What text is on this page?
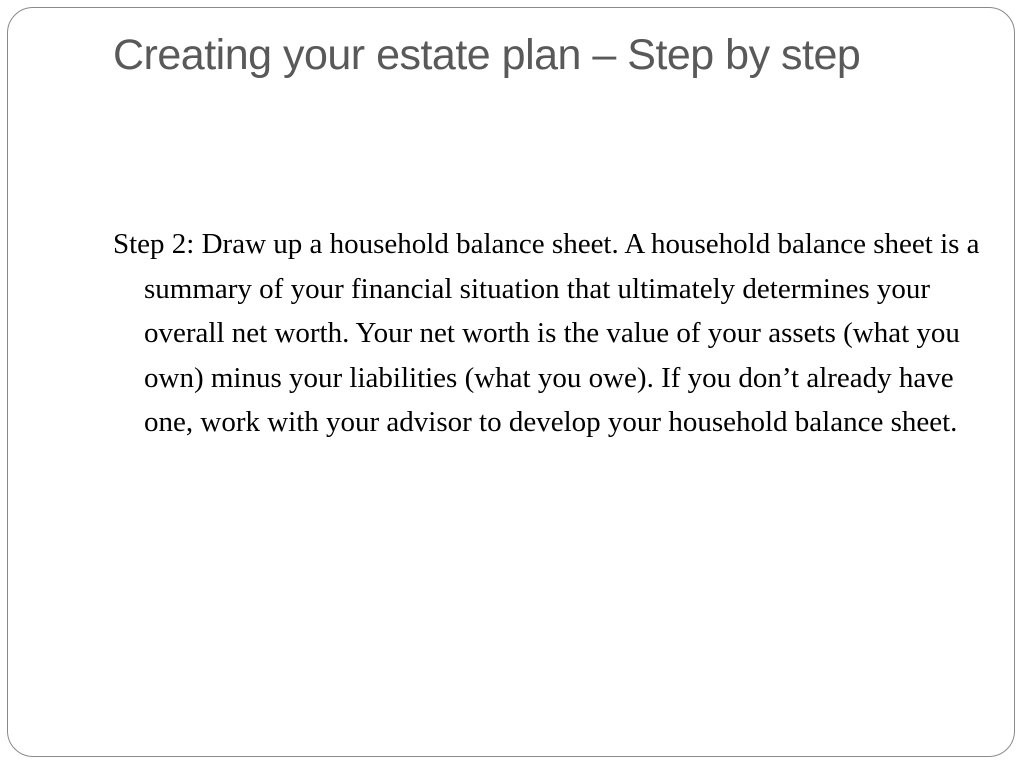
Creating your estate plan – Step by step

Step 2: Draw up a household balance sheet. A household balance sheet is a summary of your financial situation that ultimately determines your overall net worth. Your net worth is the value of your assets (what you own) minus your liabilities (what you owe). If you don’t already have one, work with your advisor to develop your household balance sheet.
